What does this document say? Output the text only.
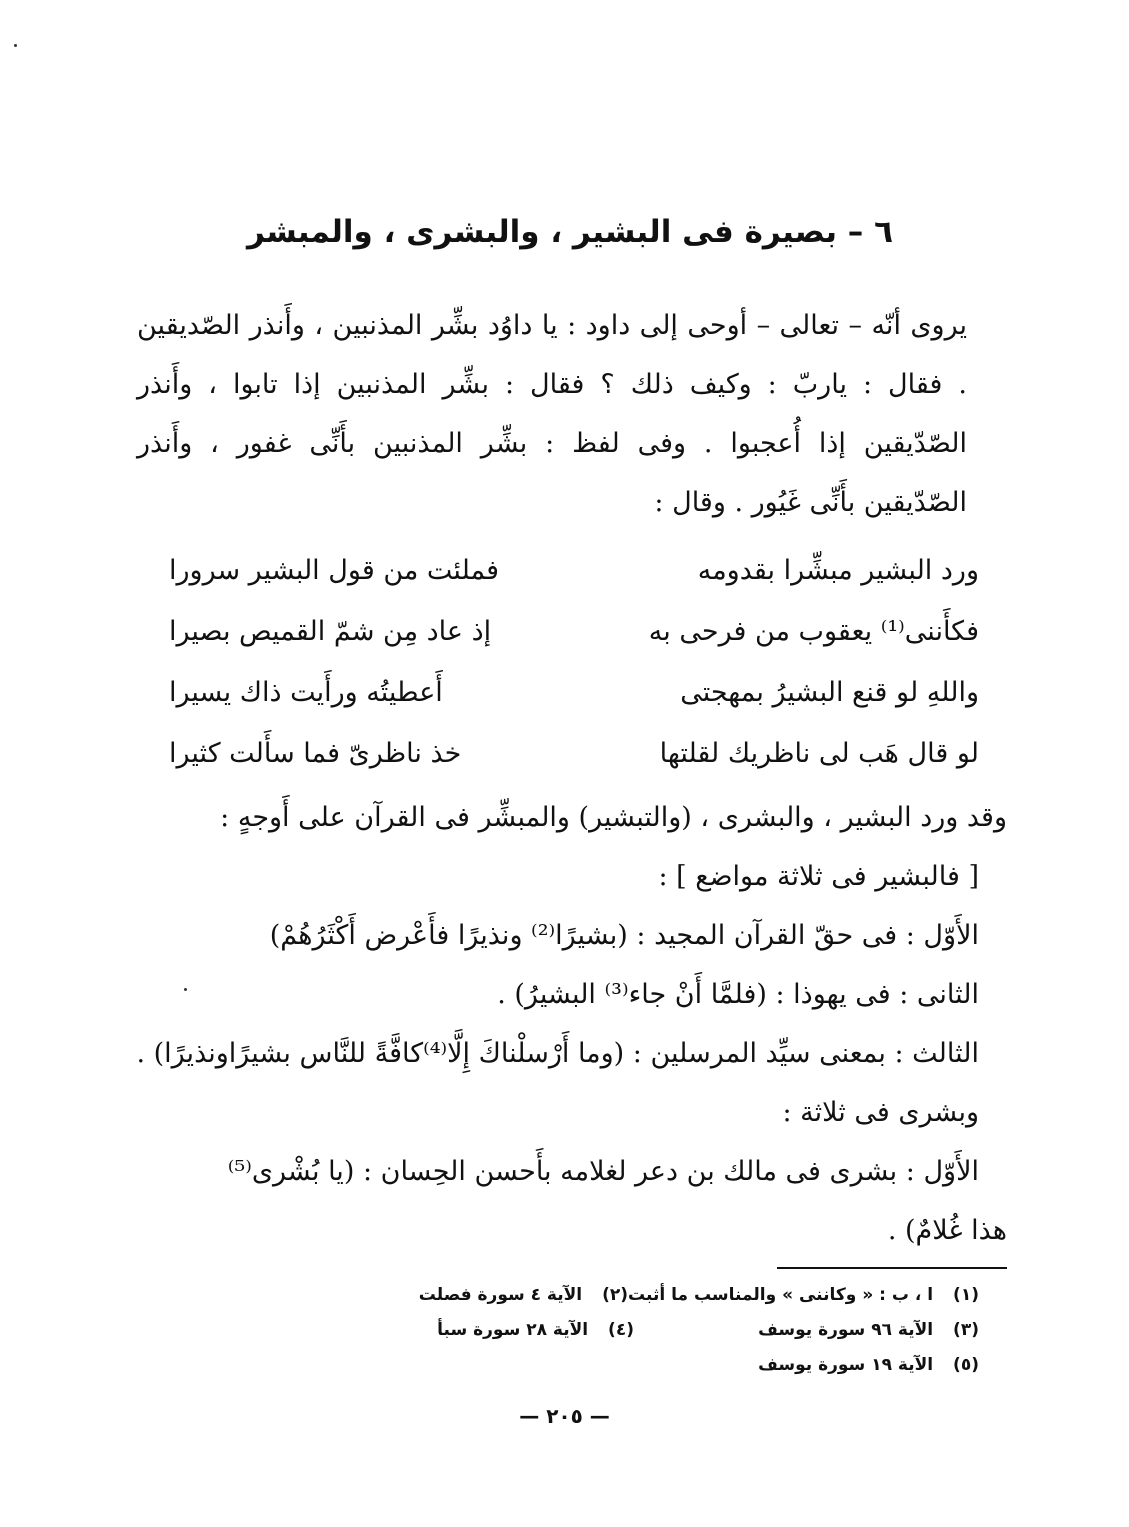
٦ – بصيرة فى البشير ، والبشرى ، والمبشر

يروى أنّه – تعالى – أوحى إلى داود : يا داوُد بشِّر المذنبين ، وأَنذر الصّديقين . فقال : ياربّ : وكيف ذلك ؟ فقال : بشِّر المذنبين إذا تابوا ، وأَنذر الصّدّيقين إذا أُعجبوا . وفى لفظ : بشِّر المذنبين بأَنِّى غفور ، وأَنذر الصّدّيقين بأَنِّى غَيُور . وقال :

ورد البشير مبشِّرا بقدومه
فملئت من قول البشير سرورا
فكأَننى⁽¹⁾ يعقوب من فرحى به
إذ عاد مِن شمّ القميص بصيرا
واللهِ لو قنع البشيرُ بمهجتى
أَعطيتُه ورأَيت ذاك يسيرا
لو قال هَب لى ناظريك لقلتها
خذ ناظرىّ فما سأَلت كثيرا
وقد ورد البشير ، والبشرى ، (والتبشير) والمبشِّر فى القرآن على أَوجهٍ :
[ فالبشير فى ثلاثة مواضع ] :
الأَوّل : فى حقّ القرآن المجيد : (بشيرًا⁽²⁾ ونذيرًا فأَعْرض أَكْثَرُهُمْ)
الثانى : فى يهوذا : (فلمَّا أَنْ جاء⁽³⁾ البشيرُ) .
الثالث : بمعنى سيِّد المرسلين : (وما أَرْسلْناكَ إِلَّا⁽⁴⁾كافَّةً للنَّاس بشيرًاونذيرًا) .
وبشرى فى ثلاثة :
الأَوّل : بشرى فى مالك بن دعر لغلامه بأَحسن الحِسان : (يا بُشْرى⁽⁵⁾
هذا غُلامٌ) .
(١) ا ، ب : « وكاننى » والمناسب ما أثبت
(٢) الآية ٤ سورة فصلت
(٣) الآية ٩٦ سورة يوسف
(٤) الآية ٢٨ سورة سبأ
(٥) الآية ١٩ سورة يوسف
— ٢٠٥ —
